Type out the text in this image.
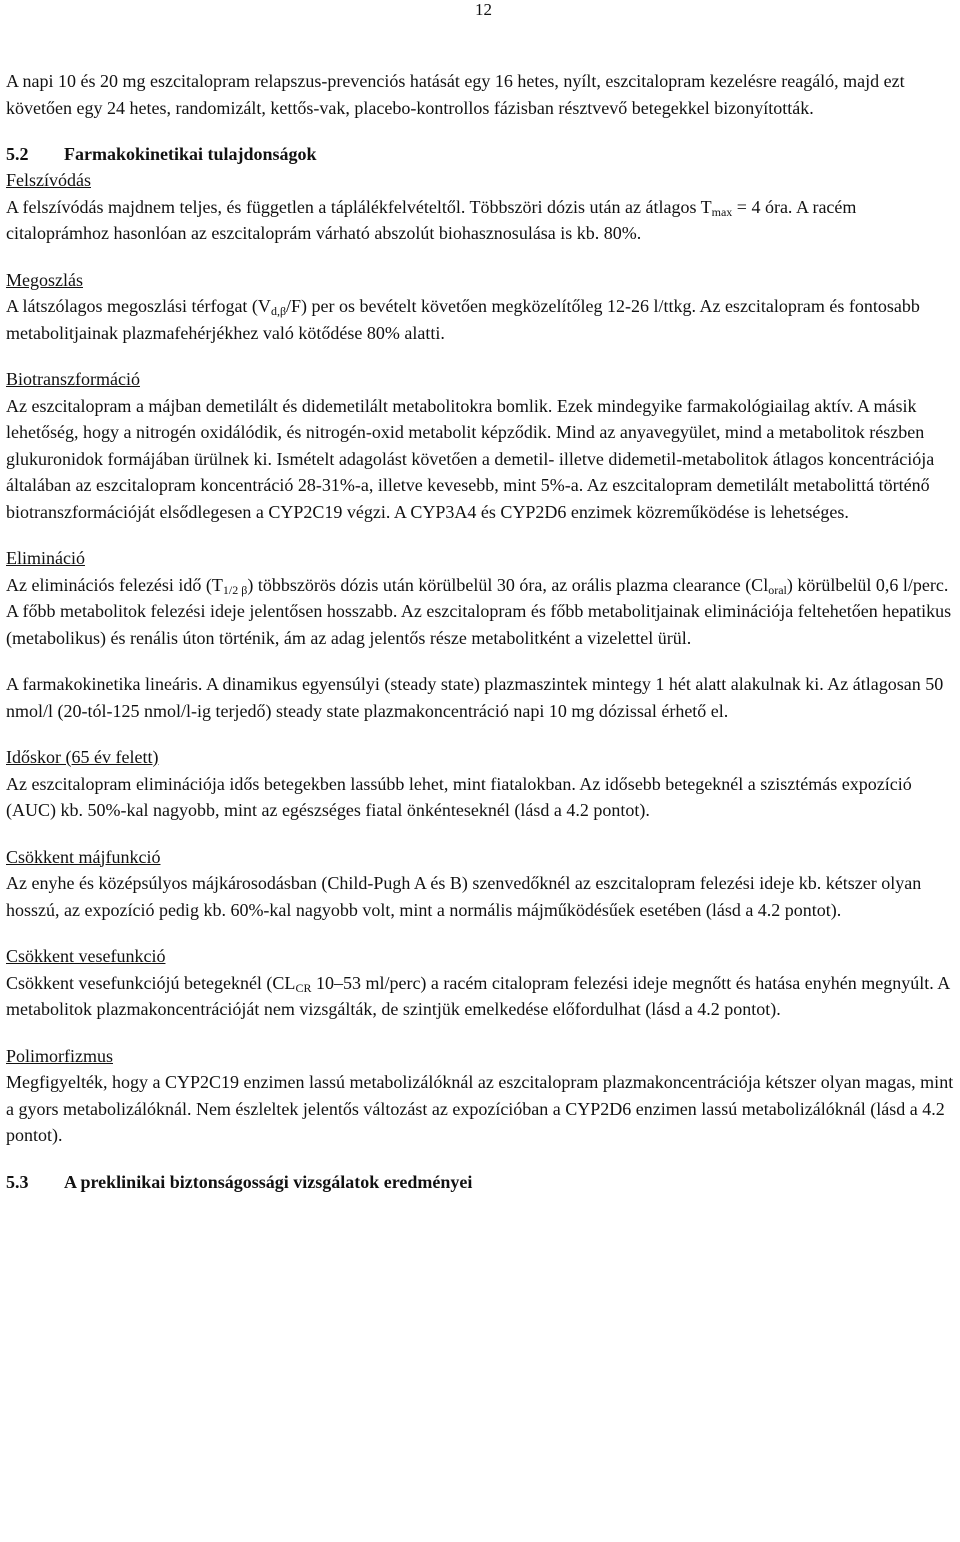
12

A napi 10 és 20 mg eszcitalopram relapszus-prevenciós hatását egy 16 hetes, nyílt, eszcitalopram kezelésre reagáló, majd ezt követően egy 24 hetes, randomizált, kettős-vak, placebo-kontrollos fázisban résztvevő betegekkel bizonyították.

5.2	Farmakokinetikai tulajdonságok

Felszívódás

A felszívódás majdnem teljes, és független a táplálékfelvételtől. Többszöri dózis után az átlagos $T_{max} = 4$ óra. A racém citaloprámhoz hasonlóan az eszcitaloprám várható abszolút biohasznosulása is kb. 80%.

Megoszlás

A látszólagos megoszlási térfogat $(V_{d,\beta}/F)$ per os bevételt követően megközelítőleg 12-26 l/ttkg. Az eszcitalopram és fontosabb metabolitjainak plazmafehérjékhez való kötődése 80% alatti.

Biotranszformáció

Az eszcitalopram a májban demetilált és didemetilált metabolitokra bomlik. Ezek mindegyike farmakológiailag aktív. A másik lehetőség, hogy a nitrogén oxidálódik, és nitrogén-oxid metabolit képződik. Mind az anyavegyület, mind a metabolitok részben glukuronidok formájában ürülnek ki. Ismételt adagolást követően a demetil- illetve didemetil-metabolitok átlagos koncentrációja általában az eszcitalopram koncentráció 28-31%-a, illetve kevesebb, mint 5%-a. Az eszcitalopram demetilált metabolittá történő biotranszformációját elsődlegesen a CYP2C19 végzi. A CYP3A4 és CYP2D6 enzimek közreműködése is lehetséges.

Elimináció

Az eliminációs felezési idő $(T_{1/2 \beta})$ többszörös dózis után körülbelül 30 óra, az orális plazma clearance $(Cl_{oral})$ körülbelül 0,6 l/perc. A főbb metabolitok felezési ideje jelentősen hosszabb. Az eszcitalopram és főbb metabolitjainak eliminációja feltehetően hepatikus (metabolikus) és renális úton történik, ám az adag jelentős része metabolitként a vizelettel ürül.

A farmakokinetika lineáris. A dinamikus egyensúlyi (steady state) plazmaszintek mintegy 1 hét alatt alakulnak ki. Az átlagosan 50 nmol/l (20-tól-125 nmol/l-ig terjedő) steady state plazmakoncentráció napi 10 mg dózissal érhető el.

Időskor (65 év felett)

Az eszcitalopram eliminációja idős betegekben lassúbb lehet, mint fiatalokban. Az idősebb betegeknél a szisztémás expozíció (AUC) kb. 50%-kal nagyobb, mint az egészséges fiatal önkénteseknél (lásd a 4.2 pontot).

Csökkent májfunkció

Az enyhe és középsúlyos májkárosodásban (Child-Pugh A és B) szenvedőknél az eszcitalopram felezési ideje kb. kétszer olyan hosszú, az expozíció pedig kb. 60%-kal nagyobb volt, mint a normális májműködésűek esetében (lásd a 4.2 pontot).

Csökkent vesefunkció

Csökkent vesefunkciójú betegeknél ($CL_{CR}$ 10–53 ml/perc) a racém citalopram felezési ideje megnőtt és hatása enyhén megnyúlt. A metabolitok plazmakoncentrációját nem vizsgálták, de szintjük emelkedése előfordulhat (lásd a 4.2 pontot).

Polimorfizmus

Megfigyelték, hogy a CYP2C19 enzimen lassú metabolizálóknál az eszcitalopram plazmakoncentrációja kétszer olyan magas, mint a gyors metabolizálóknál. Nem észleltek jelentős változást az expozícióban a CYP2D6 enzimen lassú metabolizálóknál (lásd a 4.2 pontot).

5.3	A preklinikai biztonságossági vizsgálatok eredményei
